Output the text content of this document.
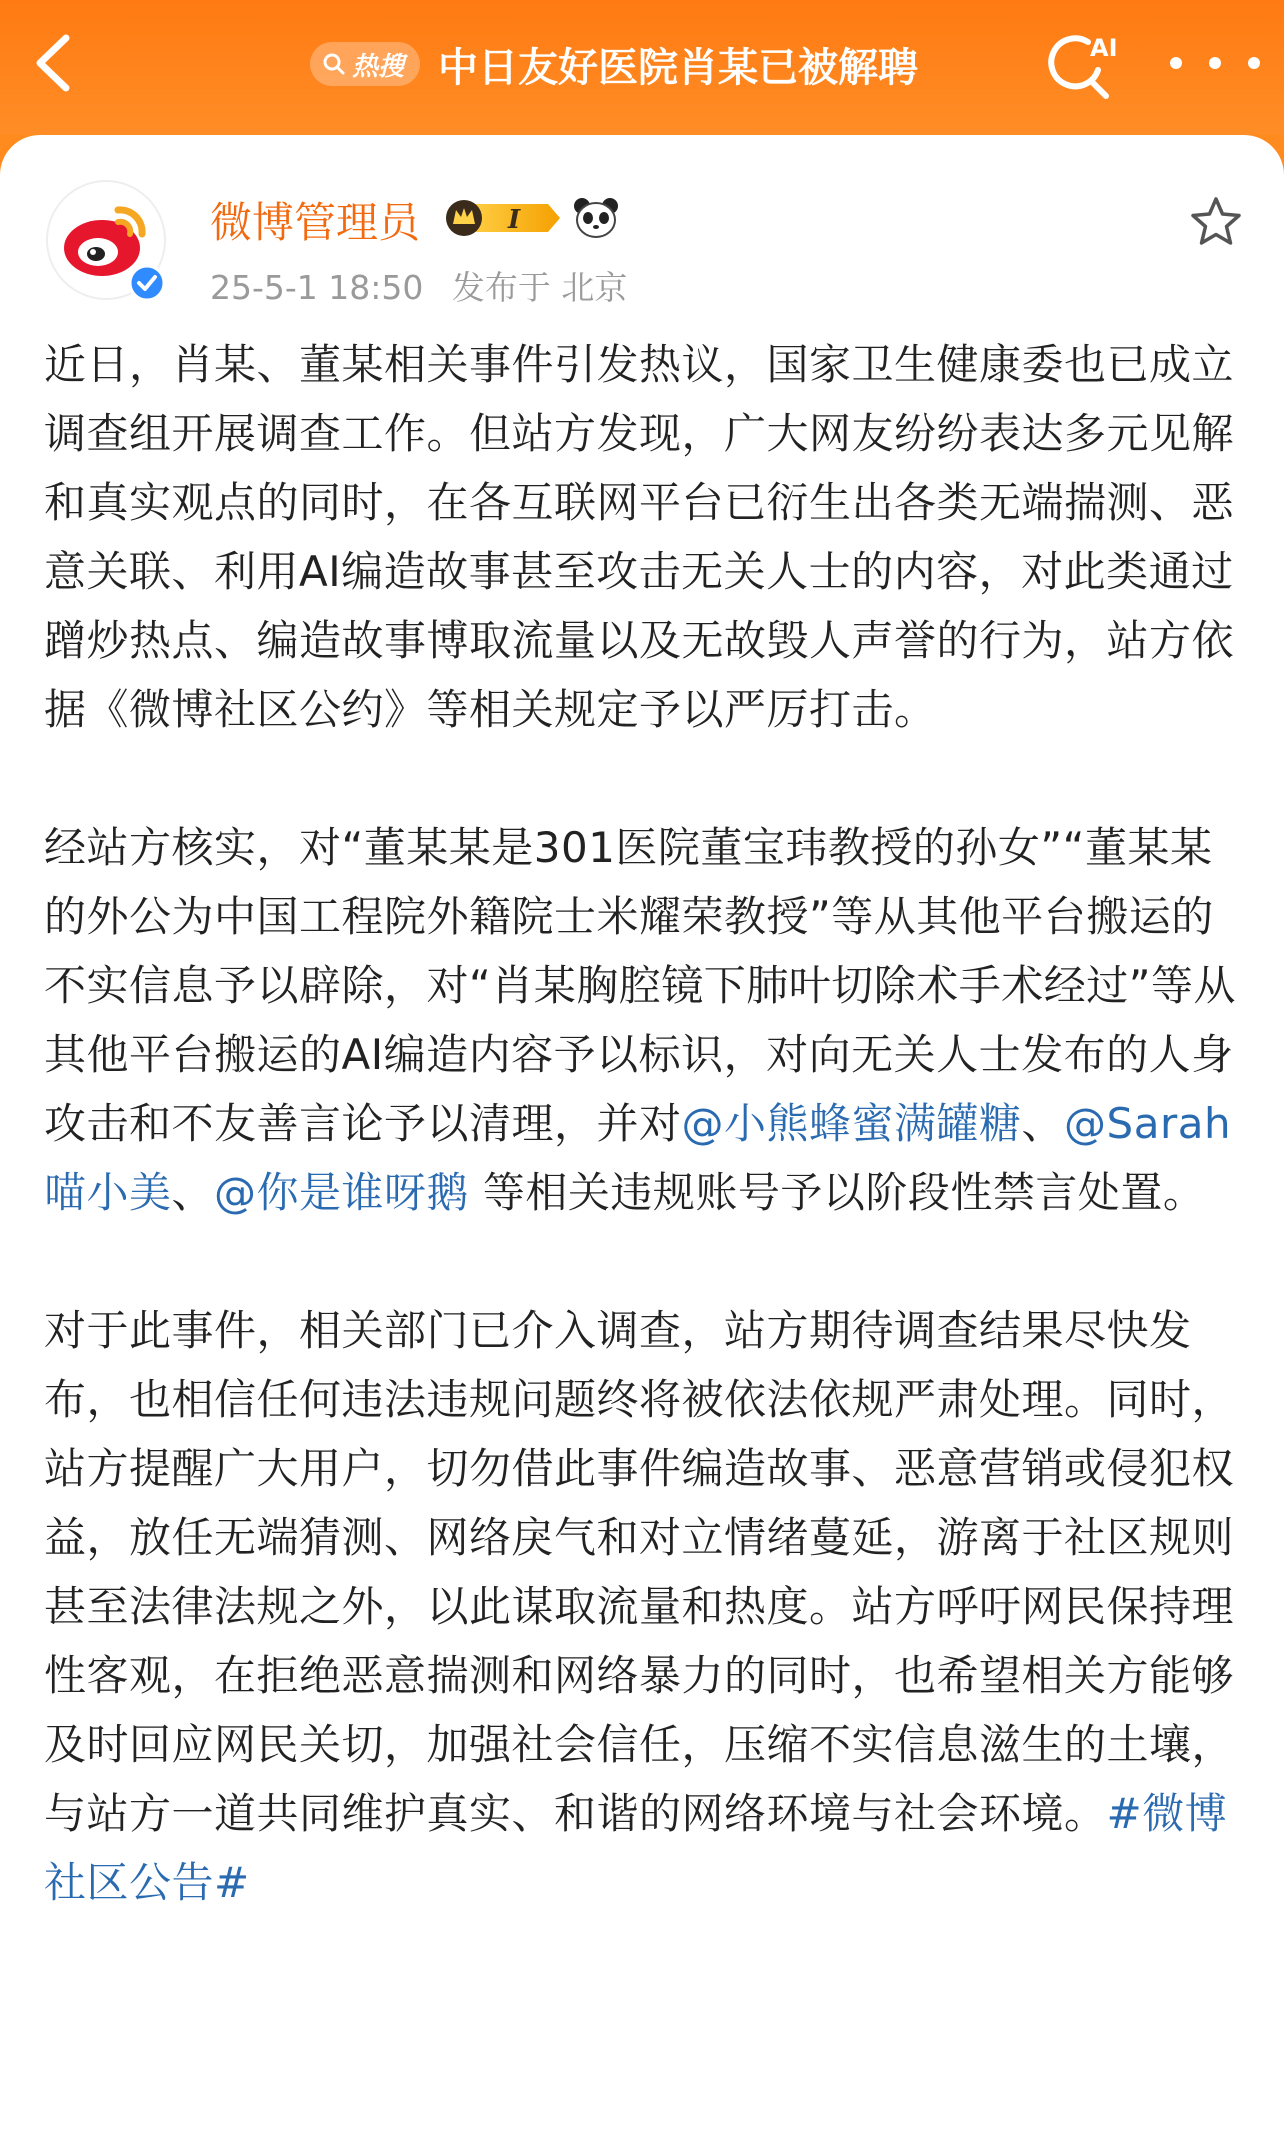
热搜 中日友好医院肖某已被解聘	AI
微博管理员	I
25-5-1 18:50 发布于 北京

近日，肖某、董某相关事件引发热议，国家卫生健康委也已成立调查组开展调查工作。但站方发现，广大网友纷纷表达多元见解和真实观点的同时，在各互联网平台已衍生出各类无端揣测、恶意关联、利用AI编造故事甚至攻击无关人士的内容，对此类通过蹭炒热点、编造故事博取流量以及无故毁人声誉的行为，站方依据《微博社区公约》等相关规定予以严厉打击。

经站方核实，对“董某某是301医院董宝玮教授的孙女”“董某某的外公为中国工程院外籍院士米耀荣教授”等从其他平台搬运的不实信息予以辟除，对“肖某胸腔镜下肺叶切除术手术经过”等从其他平台搬运的AI编造内容予以标识，对向无关人士发布的人身攻击和不友善言论予以清理，并对@小熊蜂蜜满罐糖、@Sarah喵小美、@你是谁呀鹅 等相关违规账号予以阶段性禁言处置。

对于此事件，相关部门已介入调查，站方期待调查结果尽快发布，也相信任何违法违规问题终将被依法依规严肃处理。同时，站方提醒广大用户，切勿借此事件编造故事、恶意营销或侵犯权益，放任无端猜测、网络戾气和对立情绪蔓延，游离于社区规则甚至法律法规之外，以此谋取流量和热度。站方呼吁网民保持理性客观，在拒绝恶意揣测和网络暴力的同时，也希望相关方能够及时回应网民关切，加强社会信任，压缩不实信息滋生的土壤，与站方一道共同维护真实、和谐的网络环境与社会环境。#微博社区公告#
